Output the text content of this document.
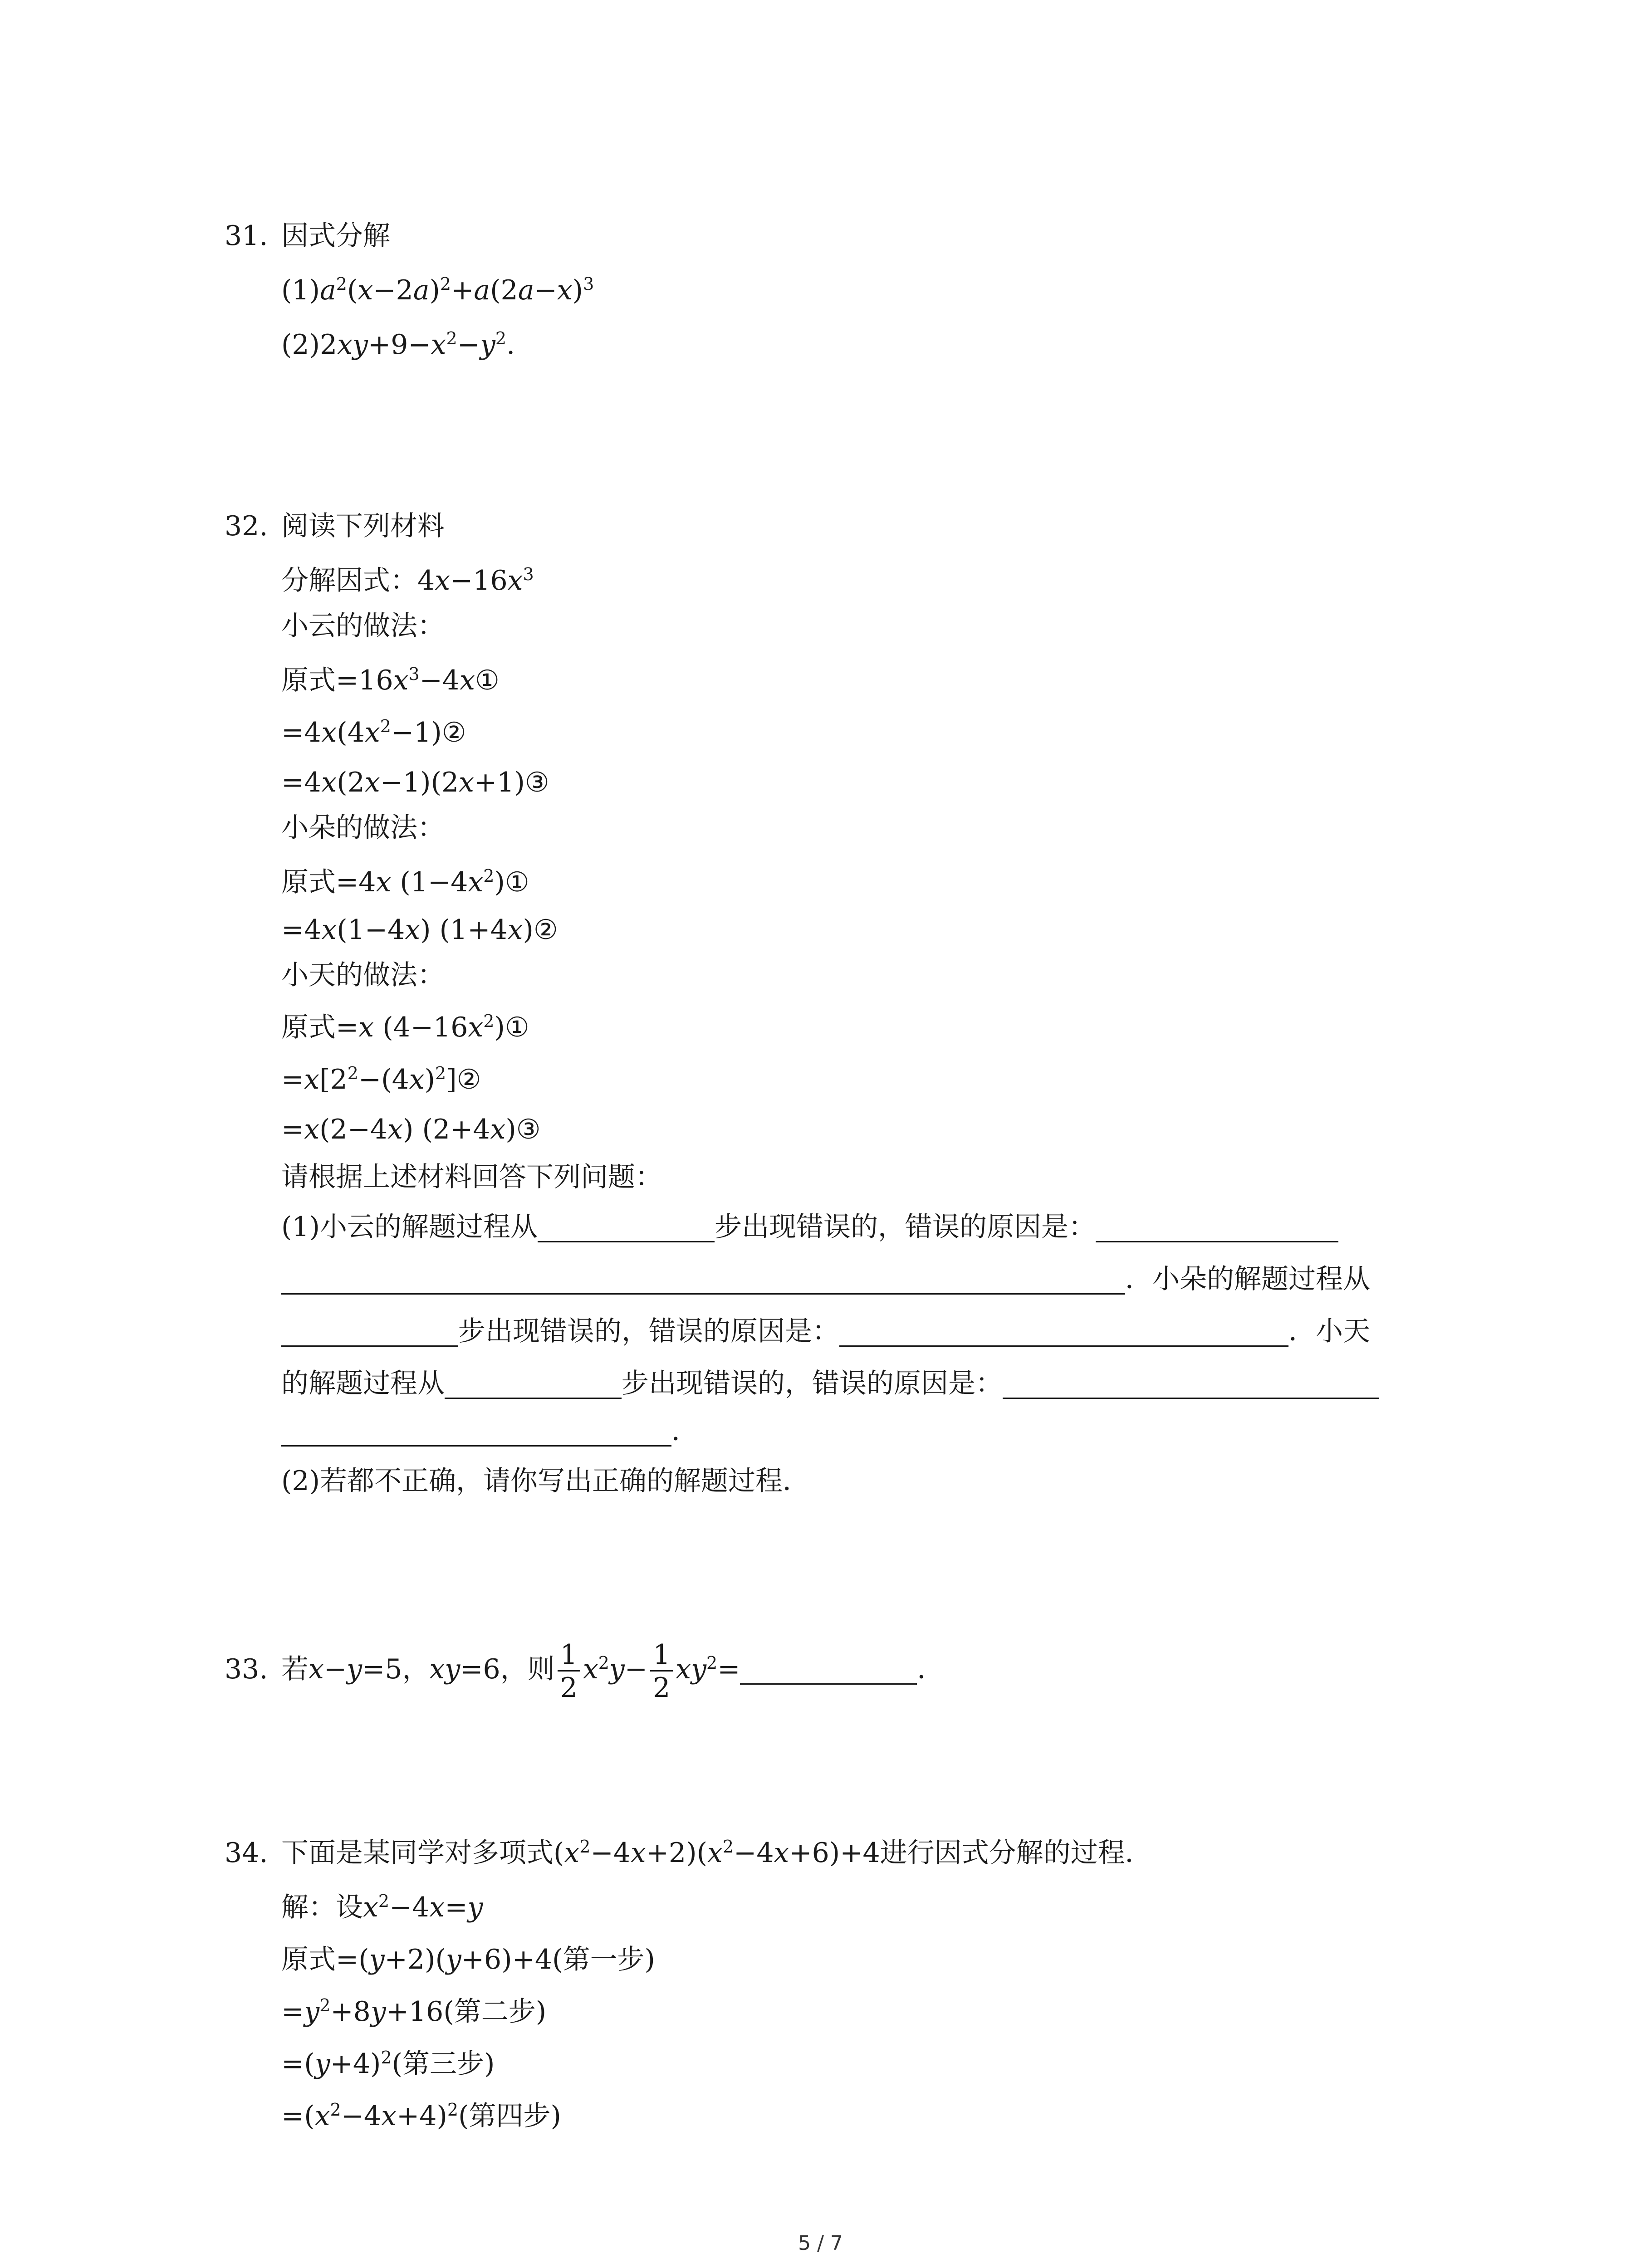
31. 因式分解
$(1)a^2(x-2a)^2+a(2a-x)^3$
$(2)2xy+9-x^2-y^2$.
32. 阅读下列材料
分解因式：$4x-16x^3$
小云的做法：
原式$=16x^3-4x①$
$=4x(4x^2-1)②$
=4x(2x−1)(2x+1)③
小朵的做法：
原式=4x $(1-4x^2)①$
=4x(1−4x) (1+4x)②
小天的做法：
原式=x $(4-16x^2)①$
$=x[2^2-(4x)^2]②$
=x(2−4x) (2+4x)③
请根据上述材料回答下列问题：
(1)小云的解题过程从	步出现错误的，错误的原因是：
．小朵的解题过程从
步出现错误的，错误的原因是：	．小天
的解题过程从	步出现错误的，错误的原因是：
．
(2)若都不正确，请你写出正确的解题过程．
33. 若x−y=5，xy=6，则 $\frac{1}{2} x^2y- \frac{1}{2} xy^2=$	．
34. 下面是某同学对多项式$(x^2-4x+2)(x^2-4x+6)+4$进行因式分解的过程．
解：设$x^2-4x=y$
原式=(y+2)(y+6)+4(第一步)
$=y^2+8y+16$(第二步)
$=(y+4)^2$(第三步)
$=(x^2-4x+4)^2$(第四步)
5 / 7
